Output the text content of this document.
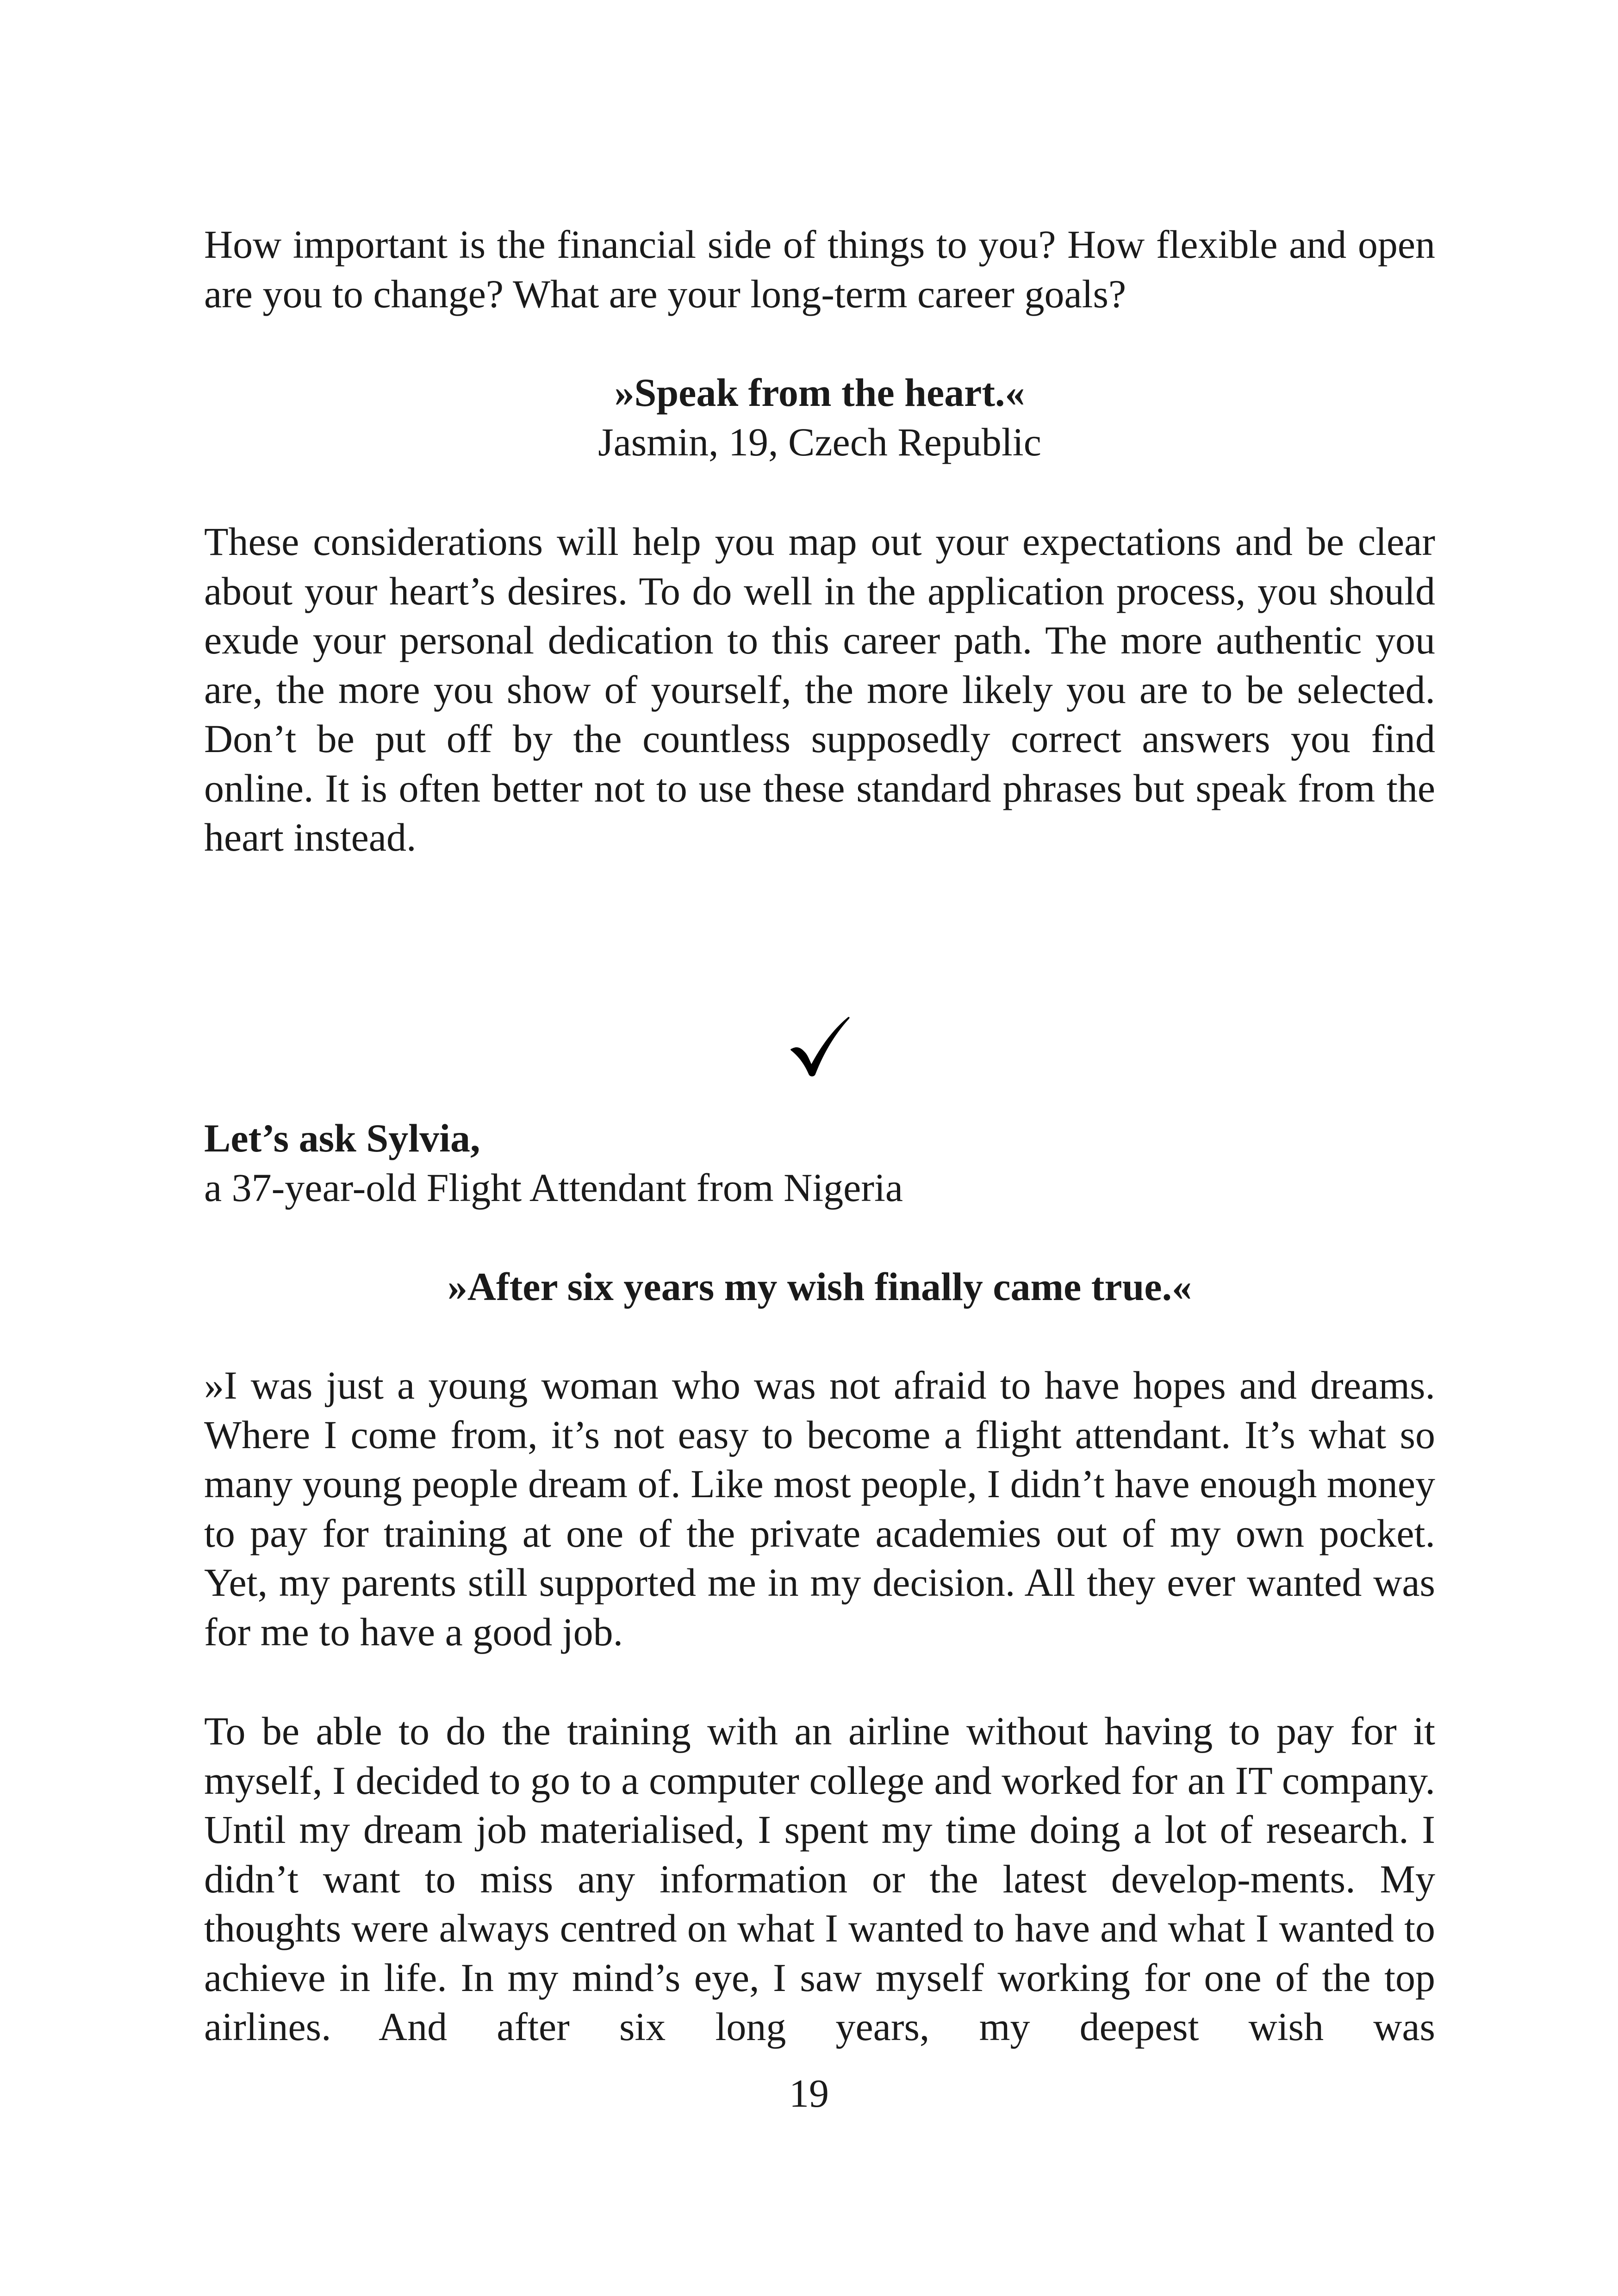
How important is the financial side of things to you? How flexible and open are you to change? What are your long-term career goals?

»Speak from the heart.«

Jasmin, 19, Czech Republic

These considerations will help you map out your expectations and be clear about your heart’s desires. To do well in the application process, you should exude your personal dedication to this career path. The more authentic you are, the more you show of yourself, the more likely you are to be selected. Don’t be put off by the countless supposedly correct answers you find online. It is often better not to use these standard phrases but speak from the heart instead.

Let’s ask Sylvia,

a 37-year-old Flight Attendant from Nigeria

»After six years my wish finally came true.«

»I was just a young woman who was not afraid to have hopes and dreams. Where I come from, it’s not easy to become a flight attendant. It’s what so many young people dream of. Like most people, I didn’t have enough money to pay for training at one of the private academies out of my own pocket. Yet, my parents still supported me in my decision. All they ever wanted was for me to have a good job.

To be able to do the training with an airline without having to pay for it myself, I decided to go to a computer college and worked for an IT company. Until my dream job materialised, I spent my time doing a lot of research. I didn’t want to miss any information or the latest develop-ments. My thoughts were always centred on what I wanted to have and what I wanted to achieve in life. In my mind’s eye, I saw myself working for one of the top airlines. And after six long years, my deepest wish was

19
